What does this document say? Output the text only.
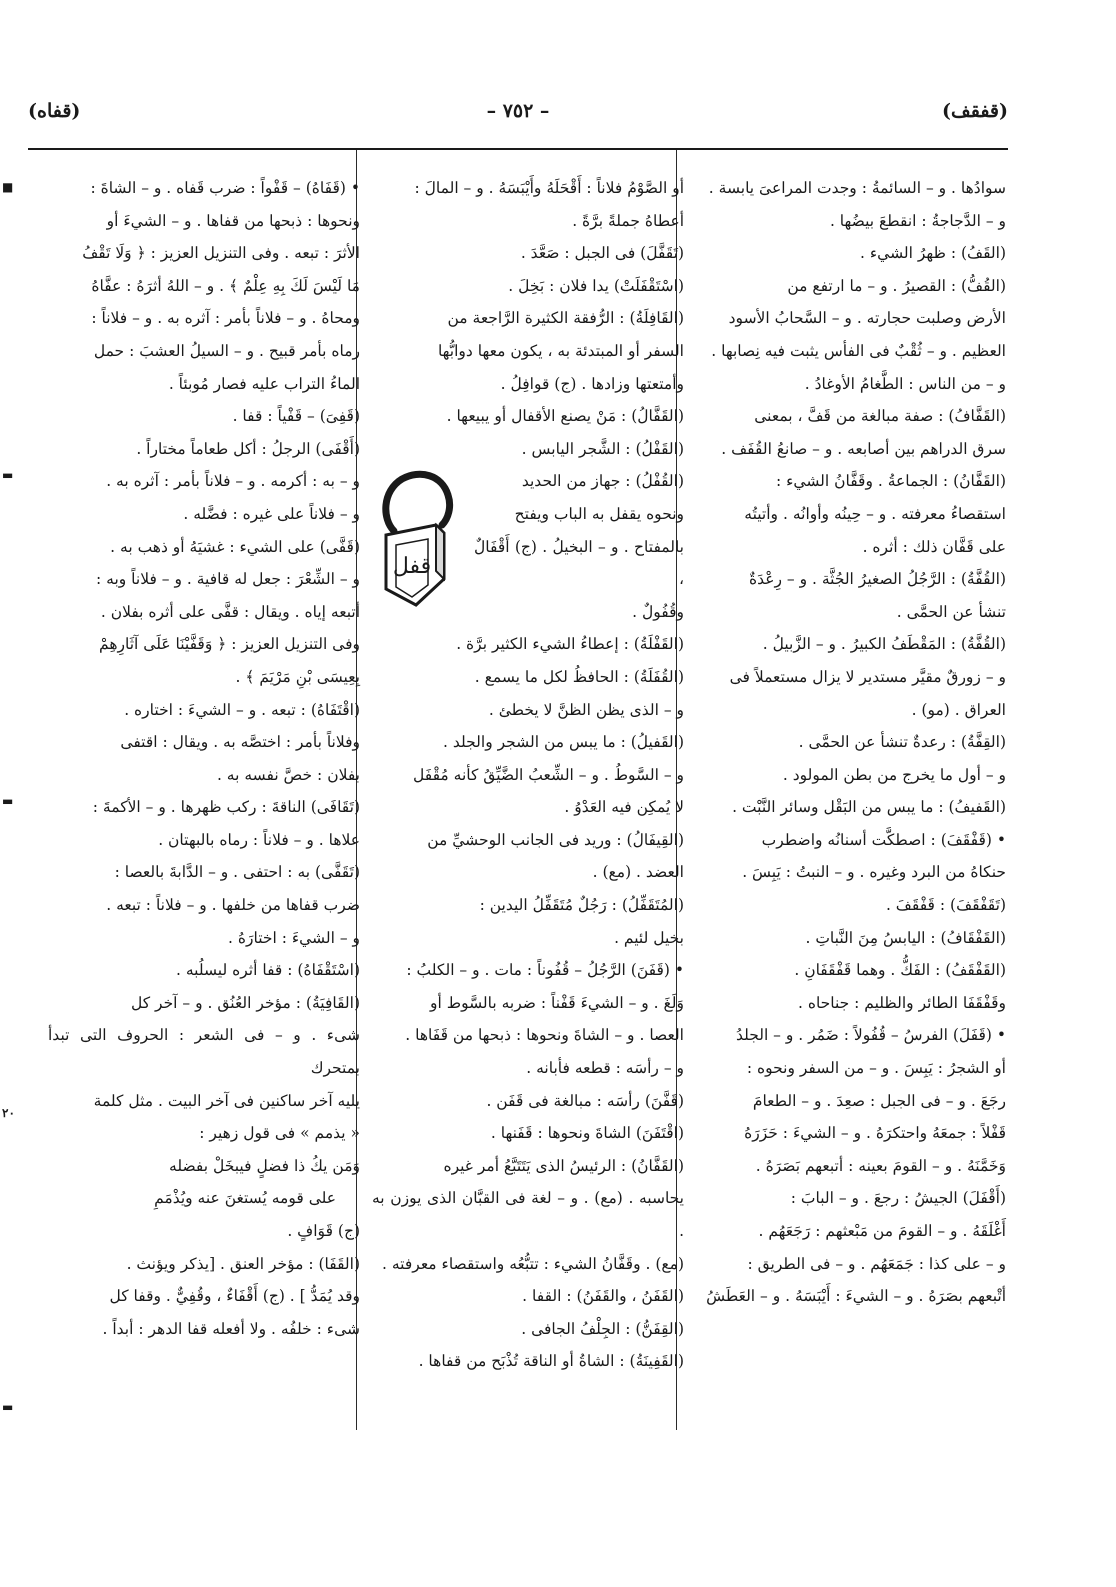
(قفقف)
– ٧٥٢ –
(قفاه)
■
▬
▬
٢٠
▬

سوادُها . و – السائمةُ : وجدت المراعىَ يابسة .

و – الدَّجاجةُ : انقطعَ بيضُها .

(القَفُ) : ظهرُ الشيء .

(القُفُّ) : القصيرُ . و – ما ارتفع من

الأرض وصلبت حجارته . و – السَّحابُ الأسود

العظيم . و – ثُقْبٌ فى الفأس يثبت فيه نِصابها .

و – من الناس : الطَّغامُ الأوغادُ .

(القَفَّافُ) : صفة مبالغة من قَفَّ ، بمعنى

سرق الدراهم بين أصابعه . و – صانعُ القُفَف .

(القَفَّانُ) : الجماعةُ . وقَفَّانُ الشيء :

استقصاءُ معرفته . و – حِينُه وأوانُه . وأتيتُه

على قَفَّان ذلك : أثره .

(القُفَّةُ) : الرَّجُلُ الصغيرُ الجُثَّة . و – رِعْدَةٌ

تنشأ عن الحمَّى .

(القُفَّةُ) : المَقْطَفُ الكبيرُ . و – الزَّبيلُ .

و – زورقٌ مقيَّر مستدير لا يزال مستعملاً فى

العراق . (مو) .

(القِفَّةُ) : رعدةٌ تنشأ عن الحمَّى .

و – أول ما يخرج من بطن المولود .

(القَفيفُ) : ما يبس من البَقْل وسائر النَّبْت .

• (قَفْقَفَ) : اصطكَّت أسنانُه واضطرب

حنكاهُ من البرد وغيره . و – النبتُ : يَبِسَ .

(تَقَفْقَفَ) : قَفْقَفَ .

(القَفْقَافُ) : اليابسُ مِنَ النَّباتِ .

(القَفْقَفُ) : الفَكُّ . وهما قَفْقَفَانِ .

وقَفْقَفَا الطائر والظليم : جناحاه .

• (قَفَلَ) الفرسُ – قُفُولاً : ضَمُر . و – الجلدُ

أو الشجرُ : يَبِسَ . و – من السفر ونحوه :

رجَعَ . و – فى الجبل : صعِدَ . و – الطعامَ

قَفْلاً : جمعَهُ واحتكرَهُ . و – الشيءَ : حَزَرَهُ

وَخَمَّنَهُ . و – القومَ بعينه : أتبعهم بَصَرَهُ .

(أَقْفَلَ) الجيشُ : رجعَ . و – البابَ :

أَغْلَقَهُ . و – القومَ من مَبْعثهم : رَجَعَهُم .

و – على كذا : جَمَعَهُم . و – فى الطريق :

أتْبعهم بصَرَهُ . و – الشيءَ : أَيْبَسَهُ . و – العَطَشُ

أو الصَّوْمُ فلاناً : أَقْحَلَهُ وأَيْبَسَهُ . و – المالَ :

أعطاهُ جملةً برَّةً .

(تَقَفَّلَ) فى الجبل : صَعَّدَ .

(اسْتَقْفَلَتْ) يدا فلان : بَخِلَ .

(القَافِلَةُ) : الرُّفقة الكثيرة الرَّاجعة من

السفر أو المبتدئة به ، يكون معها دوابُّها

وأمتعتها وزادها . (ج) قوافِلُ .

(القَفَّالُ) : مَنْ يصنع الأقفال أو يبيعها .

(القَفْلُ) : الشَّجر اليابس .

قفل

(القُفْلُ) : جهاز من الحديد

ونحوه يقفل به الباب ويفتح

بالمفتاح . و – البخيلُ . (ج) أَقْفَالٌ ،

وقُفُولٌ .

(القَفْلَةُ) : إعطاءُ الشيء الكثير برَّة .

(القُفَلَةُ) : الحافظُ لكل ما يسمع .

و – الذى يظن الظنَّ لا يخطئ .

(القَفيلُ) : ما يبس من الشجر والجلد .

و – السَّوطُ . و – الشِّعبُ الضَّيِّقُ كأنه مُقْفَل

لا يُمكِن فيه العَدْوُ .

(القِيفَالُ) : وريد فى الجانب الوحشيِّ من

العضد . (مع) .

(المُتَقَفِّلُ) : رَجُلٌ مُتَقَفِّلُ اليدين :

بخيل لئيم .

• (قَفَنَ) الرَّجُلُ – قُفُوناً : مات . و – الكلبُ :

وَلَغَ . و – الشيءَ قَفْناً : ضربه بالسَّوط أو

العصا . و – الشاةَ ونحوها : ذبحها من قَفَاها .

و – رأسَه : قطعه فأبانه .

(قَفَّنَ) رأسَه : مبالغة فى قَفَن .

(اقْتَفَنَ) الشاةَ ونحوها : قَفَنها .

(القَفَّانُ) : الرئيسُ الذى يَتَتَبَّعُ أمر غيره

يحاسبه . (مع) . و – لغة فى القبَّان الذى يوزن به .

(مع) . وقَفَّانُ الشيء : تتبُّعُه واستقصاء معرفته .

(القَفَنُ ، والقَفَنُ) : القفا .

(القِفَنُّ) : الجِلْفُ الجافى .

(القَفِينَةُ) : الشاةُ أو الناقة تُذْبَح من قفاها .

• (قَفَاهُ) – قَفْواً : ضرب قَفاه . و – الشاةَ :

ونحوها : ذبحها من قفاها . و – الشيءَ أو

الأثرَ : تبعه . وفى التنزيل العزيز : ﴿ وَلَا تَقْفُ

مَا لَيْسَ لَكَ بِهِ عِلْمٌ ﴾ . و – اللهُ أثرَهُ : عفَّاهُ

ومحاهُ . و – فلاناً بأمر : آثره به . و – فلاناً :

رماه بأمر قبيح . و – السيلُ العشبَ : حمل

الماءُ التراب عليه فصار مُوبئاً .

(قَفِىَ) – قَفْياً : قفا .

(أَقْفَى) الرجلُ : أكل طعاماً مختاراً .

و – به : أكرمه . و – فلاناً بأمر : آثره به .

و – فلاناً على غيره : فضَّله .

(قَفَّى) على الشيء : غشيَهُ أو ذهب به .

و – الشِّعْرَ : جعل له قافية . و – فلاناً وبه :

أتبعه إياه . ويقال : قفَّى على أثره بفلان .

وفى التنزيل العزيز : ﴿ وَقَفَّيْنَا عَلَى آثَارِهِمْ

بِعِيسَى بْنِ مَرْيَمَ ﴾ .

(اقْتَفَاهُ) : تبعه . و – الشيءَ : اختاره .

وفلاناً بأمر : اختصَّه به . ويقال : اقتفى

بفلان : خصَّ نفسه به .

(تَقَافَى) الناقةَ : ركب ظهرها . و – الأكمةَ :

علاها . و – فلاناً : رماه بالبهتان .

(تَقَفَّى) به : احتفى . و – الدَّابةَ بالعصا :

ضرب قفاها من خلفها . و – فلاناً : تبعه .

و – الشيءَ : اختارَهُ .

(اسْتَقْفَاهُ) : قفا أثره ليسلُبه .

(القَافِيَةُ) : مؤخر العُنُق . و – آخر كل

شىء . و – فى الشعر : الحروف التى تبدأ بمتحرك

يليه آخر ساكنين فى آخر البيت . مثل كلمة

« يذمم » فى قول زهير :

وَمَن يكُ ذا فضلٍ فيبخَلْ بفضله

على قومه يُستغنَ عنه ويُذْمَمِ

(ج) قَوَافٍ .

(القَفَا) : مؤخر العنق . [يذكر ويؤنث .

وقد يُمَدُّ ] . (ج) أَقْفَاءٌ ، وقُفِيٌّ . وقفا كل

شىء : خلفُه . ولا أفعله قفا الدهر : أبداً .
